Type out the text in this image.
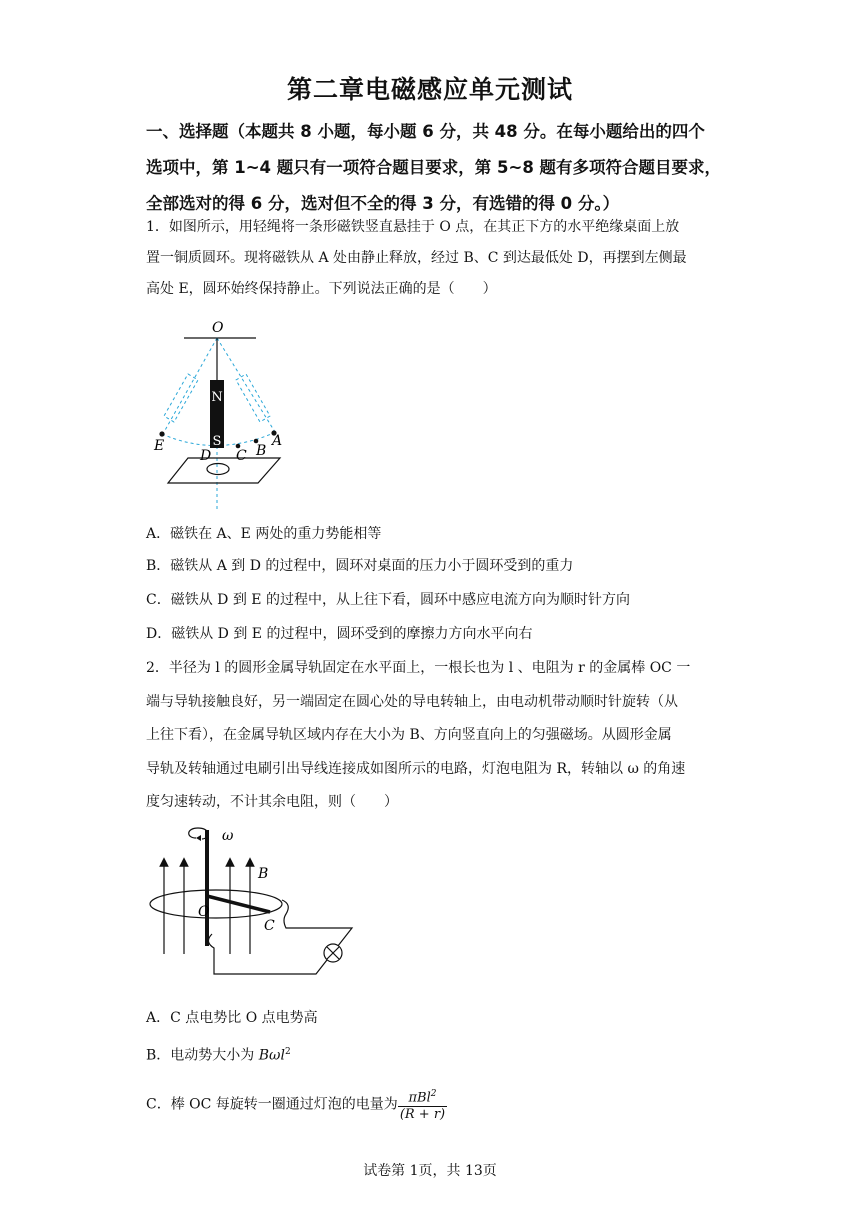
第二章电磁感应单元测试
一、选择题（本题共 8 小题，每小题 6 分，共 48 分。在每小题给出的四个
选项中，第 1~4 题只有一项符合题目要求，第 5~8 题有多项符合题目要求，
全部选对的得 6 分，选对但不全的得 3 分，有选错的得 0 分。）
1．如图所示，用轻绳将一条形磁铁竖直悬挂于 O 点，在其正下方的水平绝缘桌面上放
置一铜质圆环。现将磁铁从 A 处由静止释放，经过 B、C 到达最低处 D，再摆到左侧最
高处 E，圆环始终保持静止。下列说法正确的是（　　）
N
S
O
E
D C B
A
A．磁铁在 A、E 两处的重力势能相等
B．磁铁从 A 到 D 的过程中，圆环对桌面的压力小于圆环受到的重力
C．磁铁从 D 到 E 的过程中，从上往下看，圆环中感应电流方向为顺时针方向
D．磁铁从 D 到 E 的过程中，圆环受到的摩擦力方向水平向右
2．半径为 l 的圆形金属导轨固定在水平面上，一根长也为 l 、电阻为 r 的金属棒 OC 一
端与导轨接触良好，另一端固定在圆心处的导电转轴上，由电动机带动顺时针旋转（从
上往下看），在金属导轨区域内存在大小为 B、方向竖直向上的匀强磁场。从圆形金属
导轨及转轴通过电刷引出导线连接成如图所示的电路，灯泡电阻为 R，转轴以 ω 的角速
度匀速转动，不计其余电阻，则（　　）
ω
B
O
C
A．C 点电势比 O 点电势高
B．电动势大小为 Bωl$^2$
C．棒 OC 每旋转一圈通过灯泡的电量为 $\frac{\pi Bl^2}{(R + r)}$
试卷第 1页，共 13页
